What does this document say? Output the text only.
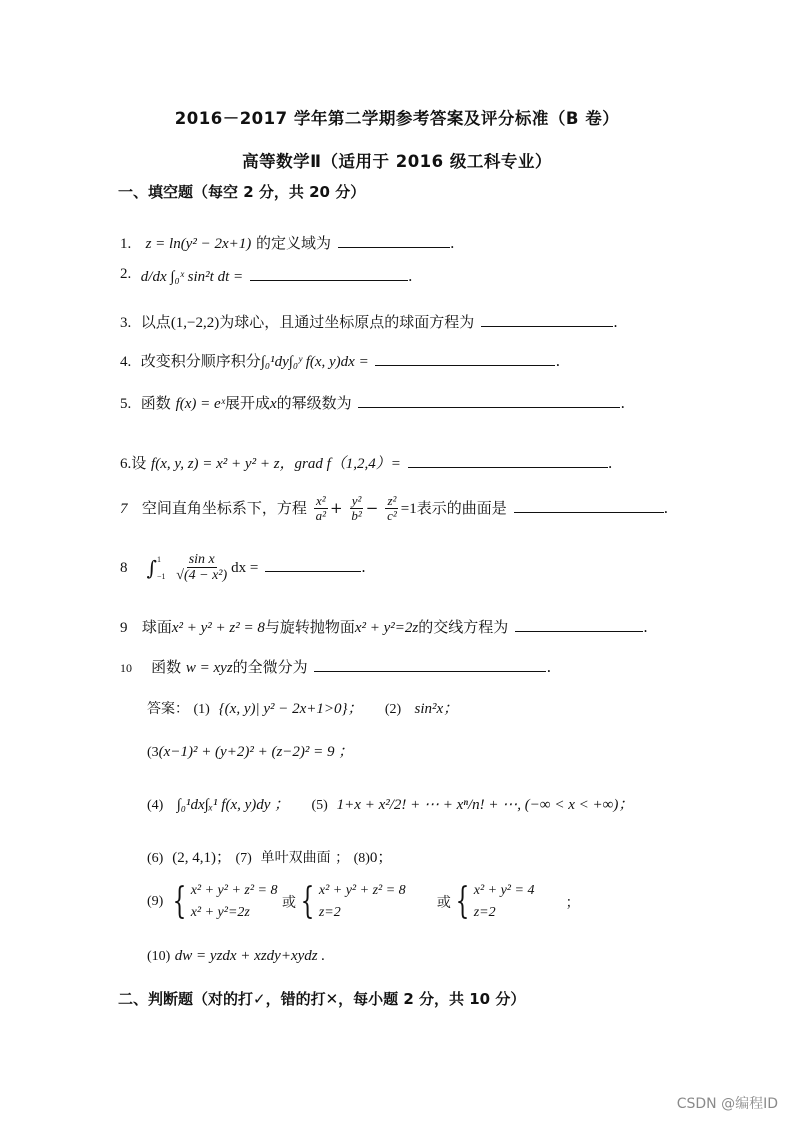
2016－2017 学年第二学期参考答案及评分标准（B 卷）
高等数学Ⅱ（适用于 2016 级工科专业）
一、填空题（每空 2 分，共 20 分）
1. z = ln(y² − 2x+1) 的定义域为	.
2. d/dx ∫₀ˣ sin²t dt =	.
3. 以点(1,−2,2)为球心，且通过坐标原点的球面方程为	.
4. 改变积分顺序积分∫₀¹dy∫₀ʸ f(x, y)dx =	.
5. 函数 f(x) = eˣ展开成x的幂级数为	.
6.设 f(x, y, z) = x² + y² + z，grad f（1,2,4）=	.
7 空间直角坐标系下，方程 $\frac{\text{x²}}{\text{a²}} + \frac{\text{y²}}{\text{b²}} - \frac{\text{z²}}{\text{c²}} =1$表示的曲面是	.
8 ∫ 1
−1
$\frac{\text{sin x}}{\text{√(4 − x²)}}$ dx =	.
9 球面x² + y² + z² = 8与旋转抛物面x² + y²=2z的交线方程为	.
10 函数 w = xyz的全微分为	.
答案： (1) {(x, y)| y² − 2x+1>0}； (2) sin²x；
(3(x−1)² + (y+2)² + (z−2)² = 9 ；
(4) ∫₀¹dx∫ₓ¹ f(x, y)dy ； (5) 1+x + x²/2! + ⋯ + xⁿ/n! + ⋯, (−∞ < x < +∞)；
(6) (2, 4,1)； (7) 单叶双曲面 ； (8)0；
(9) { x² + y² + z² = 8
x² + y²=2z
或 { x² + y² + z² = 8
z=2
或 { x² + y² = 4
z=2
；
(10) dw = yzdx + xzdy+xydz .
二、判断题（对的打✓，错的打✕，每小题 2 分，共 10 分）
CSDN @编程ID
